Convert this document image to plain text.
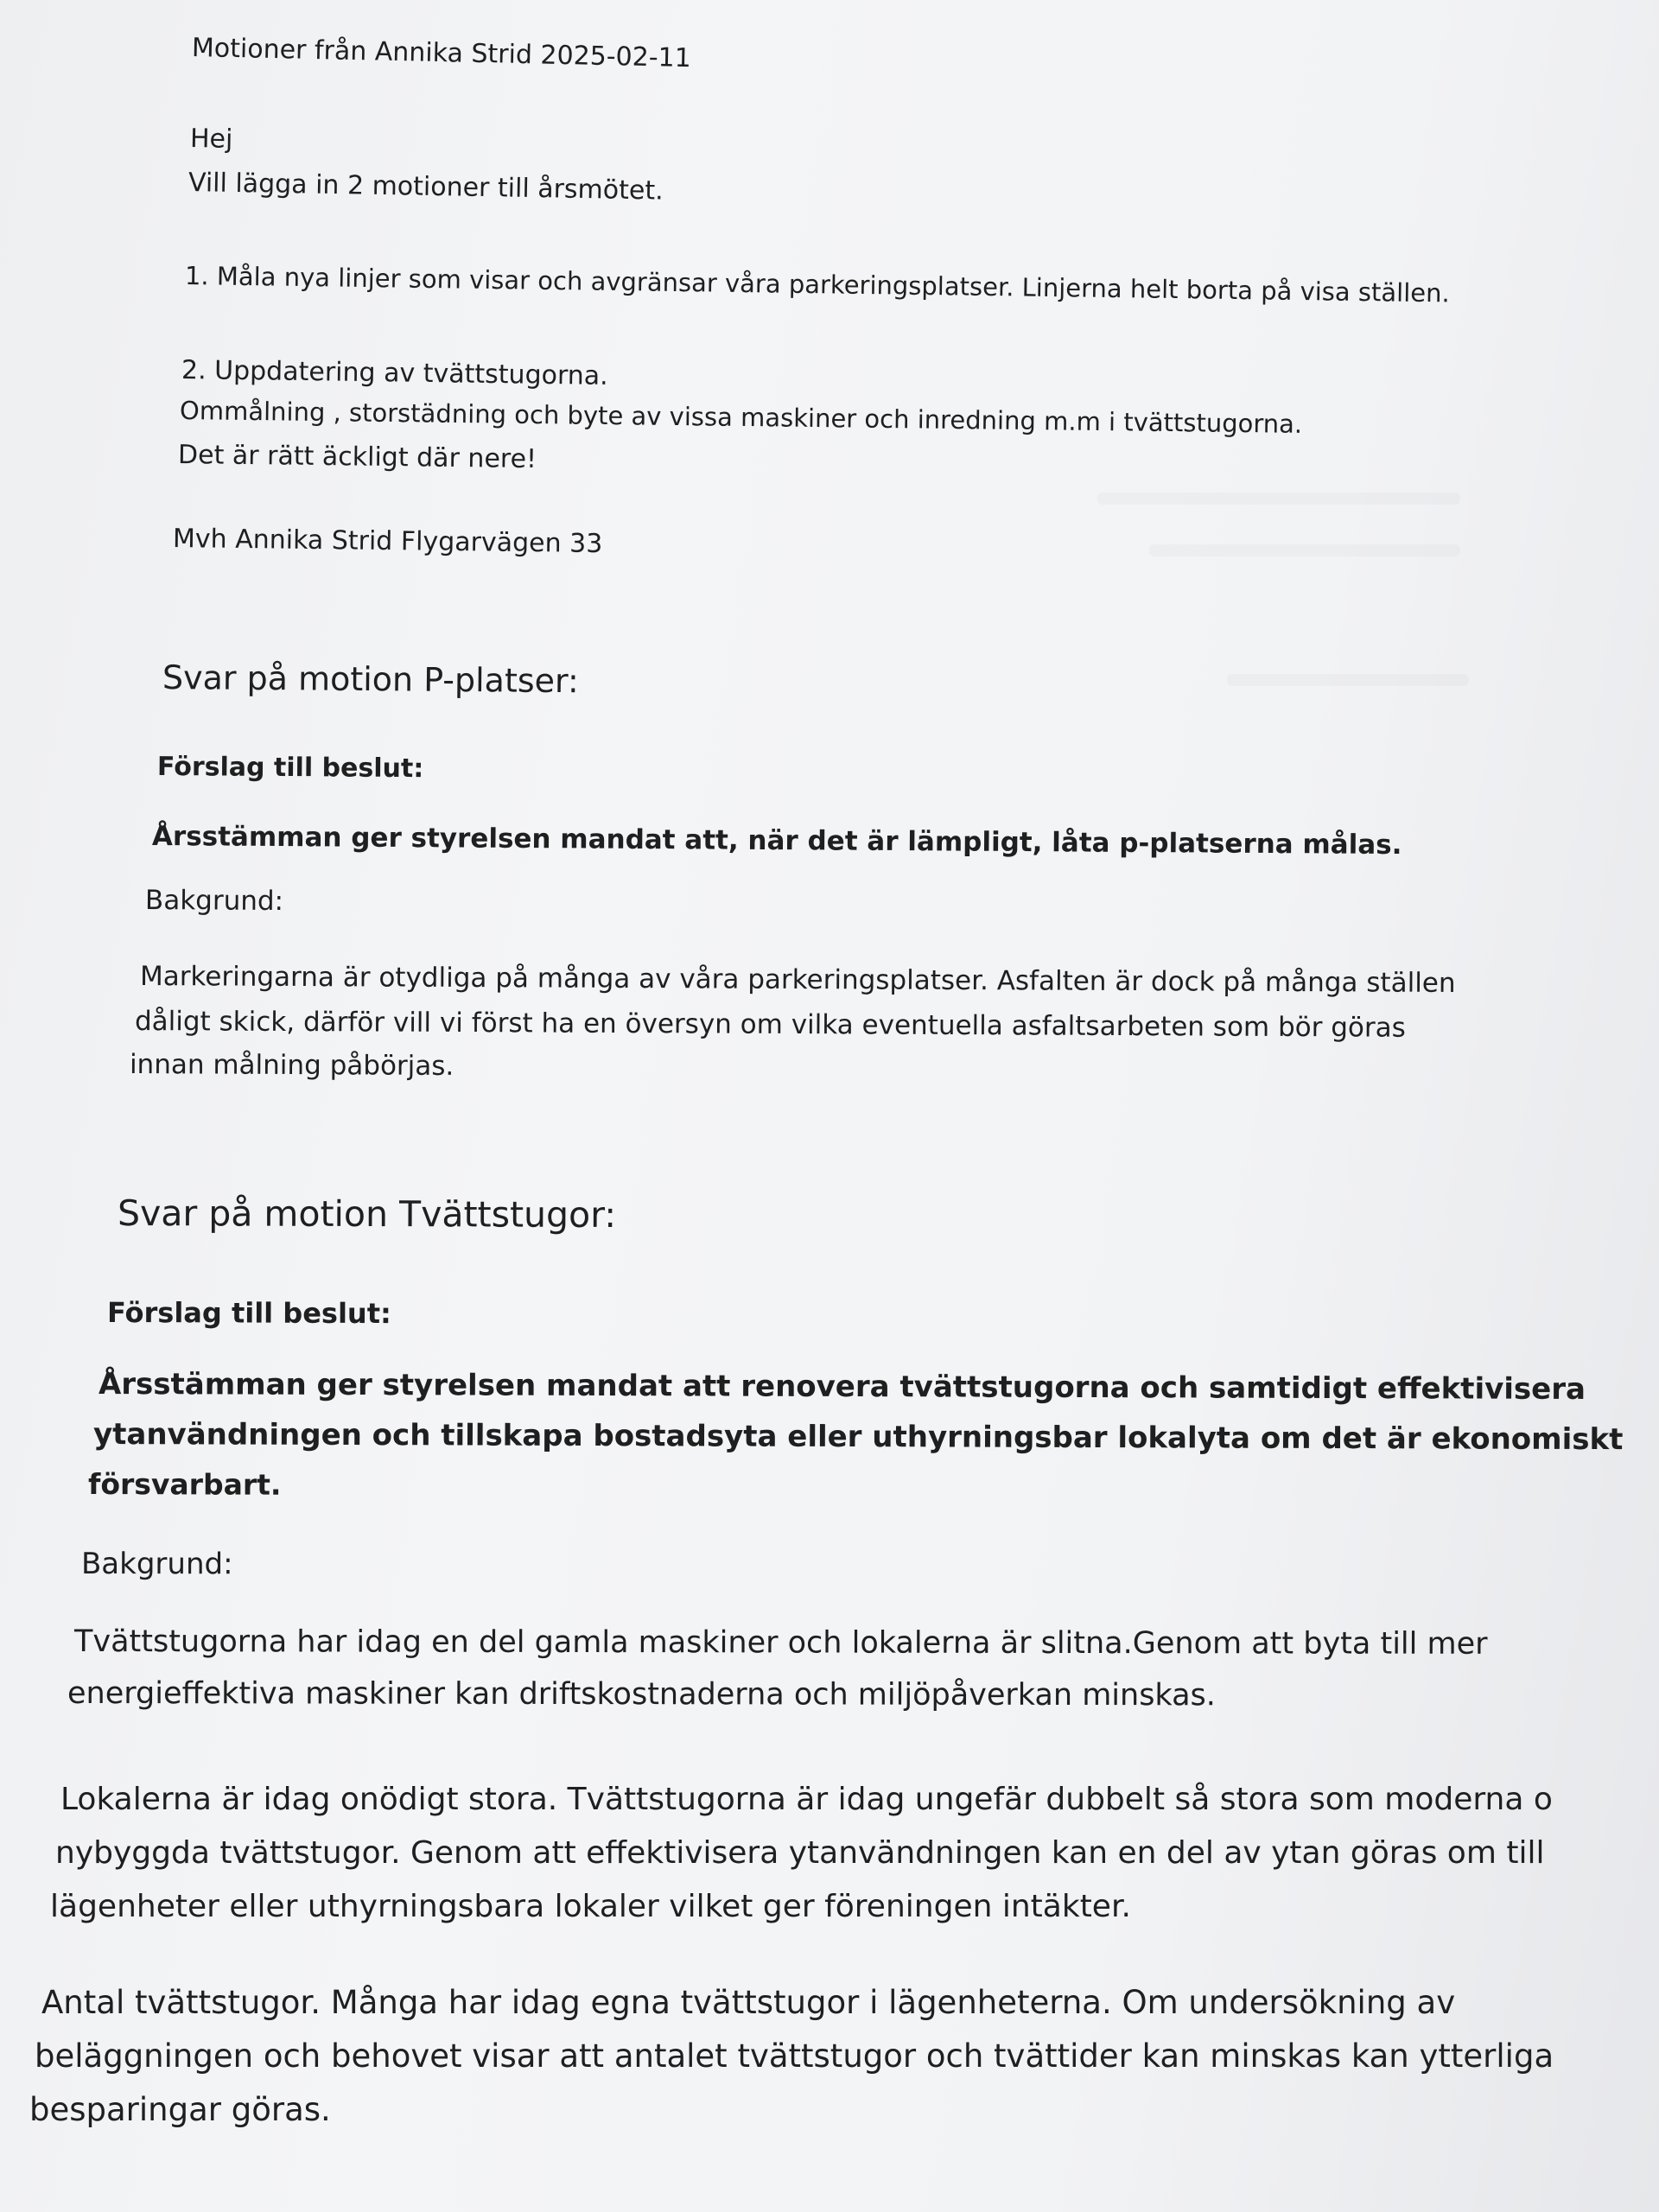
Motioner från Annika Strid 2025-02-11
Hej
Vill lägga in 2 motioner till årsmötet.
1. Måla nya linjer som visar och avgränsar våra parkeringsplatser. Linjerna helt borta på visa ställen.
2. Uppdatering av tvättstugorna.
Ommålning , storstädning och byte av vissa maskiner och inredning m.m i tvättstugorna.
Det är rätt äckligt där nere!
Mvh Annika Strid Flygarvägen 33
Svar på motion P-platser:
Förslag till beslut:
Årsstämman ger styrelsen mandat att, när det är lämpligt, låta p-platserna målas.
Bakgrund:
Markeringarna är otydliga på många av våra parkeringsplatser. Asfalten är dock på många ställen
dåligt skick, därför vill vi först ha en översyn om vilka eventuella asfaltsarbeten som bör göras
innan målning påbörjas.
Svar på motion Tvättstugor:
Förslag till beslut:
Årsstämman ger styrelsen mandat att renovera tvättstugorna och samtidigt effektivisera
ytanvändningen och tillskapa bostadsyta eller uthyrningsbar lokalyta om det är ekonomiskt
försvarbart.
Bakgrund:
Tvättstugorna har idag en del gamla maskiner och lokalerna är slitna.Genom att byta till mer
energieffektiva maskiner kan driftskostnaderna och miljöpåverkan minskas.
Lokalerna är idag onödigt stora. Tvättstugorna är idag ungefär dubbelt så stora som moderna o
nybyggda tvättstugor. Genom att effektivisera ytanvändningen kan en del av ytan göras om till
lägenheter eller uthyrningsbara lokaler vilket ger föreningen intäkter.
Antal tvättstugor. Många har idag egna tvättstugor i lägenheterna. Om undersökning av
beläggningen och behovet visar att antalet tvättstugor och tvättider kan minskas kan ytterliga
besparingar göras.
